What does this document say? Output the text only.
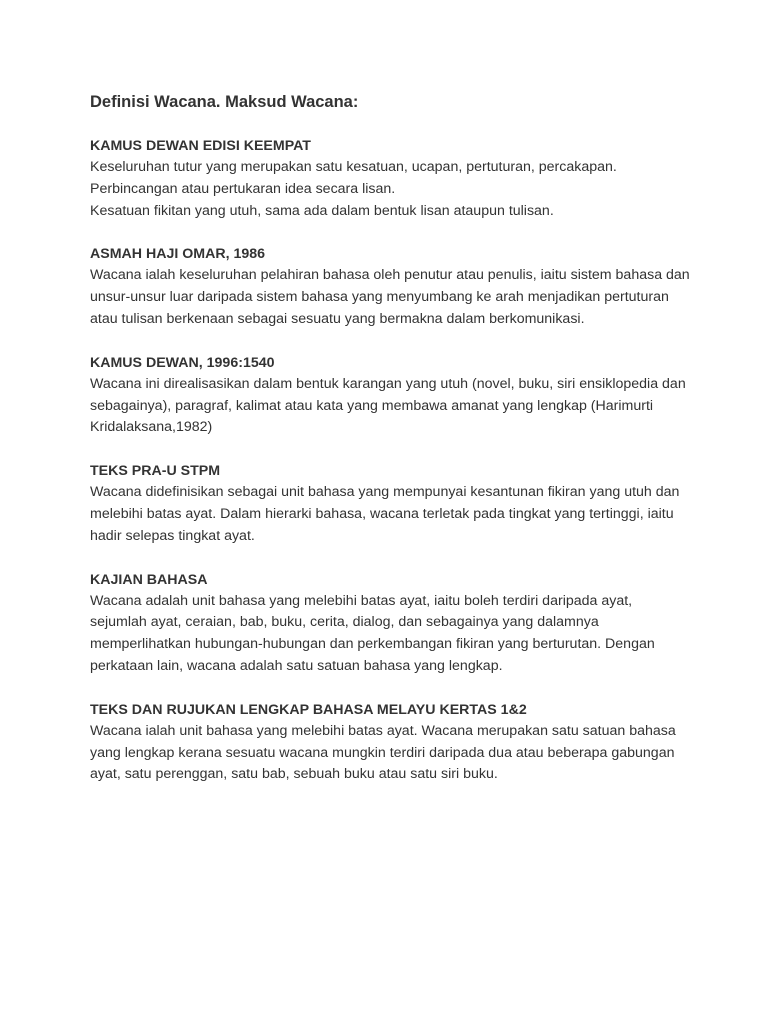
Definisi Wacana. Maksud Wacana:
KAMUS DEWAN EDISI KEEMPAT

Keseluruhan tutur yang merupakan satu kesatuan, ucapan, pertuturan, percakapan.

Perbincangan atau pertukaran idea secara lisan.

Kesatuan fikitan yang utuh, sama ada dalam bentuk lisan ataupun tulisan.

ASMAH HAJI OMAR, 1986

Wacana ialah keseluruhan pelahiran bahasa oleh penutur atau penulis, iaitu sistem bahasa dan unsur-unsur luar daripada sistem bahasa yang menyumbang ke arah menjadikan pertuturan atau tulisan berkenaan sebagai sesuatu yang bermakna dalam berkomunikasi.

KAMUS DEWAN, 1996:1540

Wacana ini direalisasikan dalam bentuk karangan yang utuh (novel, buku, siri ensiklopedia dan sebagainya), paragraf, kalimat atau kata yang membawa amanat yang lengkap (Harimurti Kridalaksana,1982)

TEKS PRA-U STPM

Wacana didefinisikan sebagai unit bahasa yang mempunyai kesantunan fikiran yang utuh dan melebihi batas ayat. Dalam hierarki bahasa, wacana terletak pada tingkat yang tertinggi, iaitu hadir selepas tingkat ayat.

KAJIAN BAHASA

Wacana adalah unit bahasa yang melebihi batas ayat, iaitu boleh terdiri daripada ayat, sejumlah ayat, ceraian, bab, buku, cerita, dialog, dan sebagainya yang dalamnya memperlihatkan hubungan-hubungan dan perkembangan fikiran yang berturutan. Dengan perkataan lain, wacana adalah satu satuan bahasa yang lengkap.

TEKS DAN RUJUKAN LENGKAP BAHASA MELAYU KERTAS 1&2

Wacana ialah unit bahasa yang melebihi batas ayat. Wacana merupakan satu satuan bahasa yang lengkap kerana sesuatu wacana mungkin terdiri daripada dua atau beberapa gabungan ayat, satu perenggan, satu bab, sebuah buku atau satu siri buku.
